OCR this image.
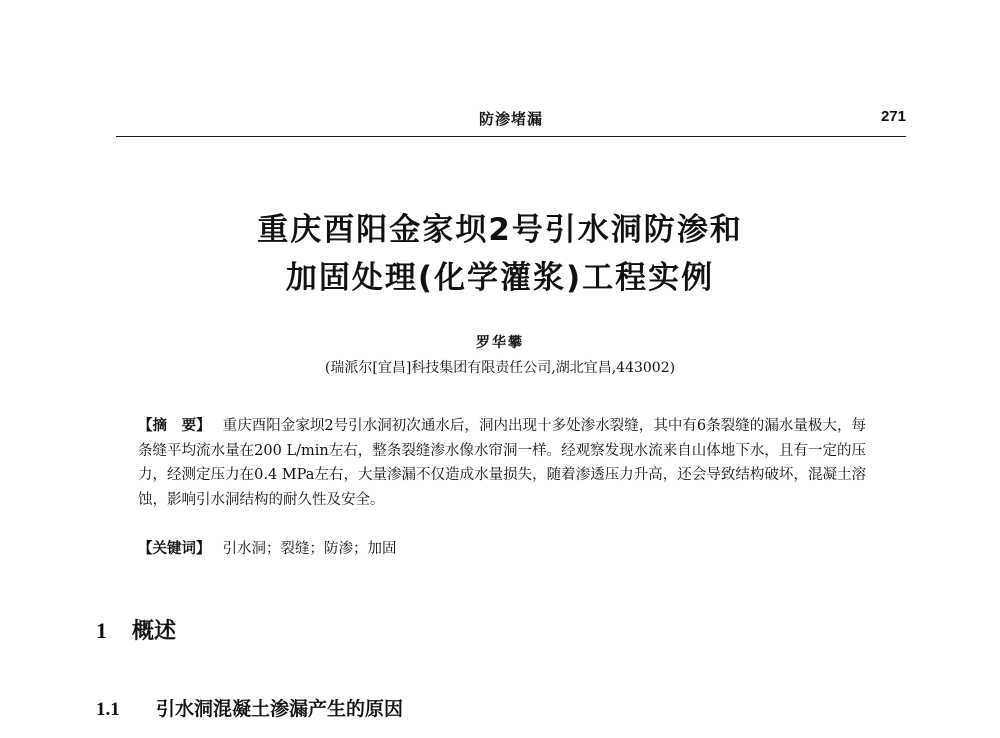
防渗堵漏	271
重庆酉阳金家坝2号引水洞防渗和
加固处理(化学灌浆)工程实例
罗华攀
(瑞派尔[宜昌]科技集团有限责任公司,湖北宜昌,443002)
【摘　要】 重庆酉阳金家坝2号引水洞初次通水后，洞内出现十多处渗水裂缝，其中有6条裂缝的漏水量极大，每条缝平均流水量在200 L/min左右，整条裂缝渗水像水帘洞一样。经观察发现水流来自山体地下水，且有一定的压力，经测定压力在0.4 MPa左右，大量渗漏不仅造成水量损失，随着渗透压力升高，还会导致结构破坏，混凝土溶蚀，影响引水洞结构的耐久性及安全。
【关键词】 引水洞；裂缝；防渗；加固
1 概述
1.1 引水洞混凝土渗漏产生的原因
